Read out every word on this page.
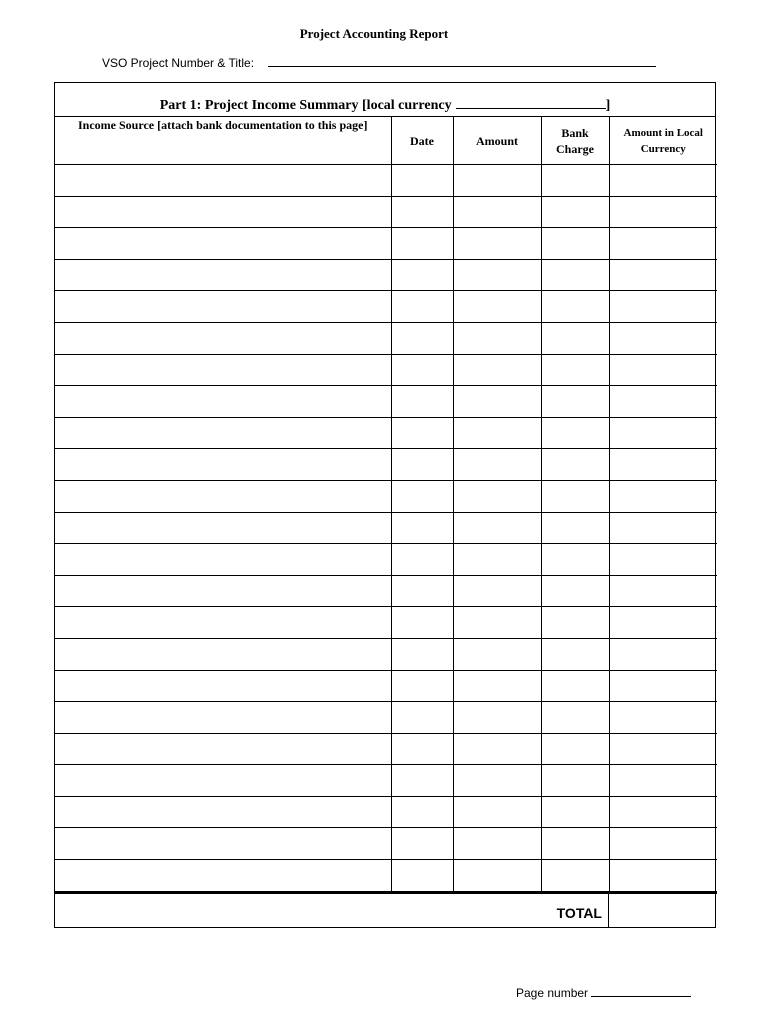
Project Accounting Report
VSO Project Number & Title:
Part 1: Project Income Summary [local currency	]
Income Source [attach bank documentation to this page]	Date	Amount	Bank Charge	Amount in Local Currency

TOTAL
Page number
